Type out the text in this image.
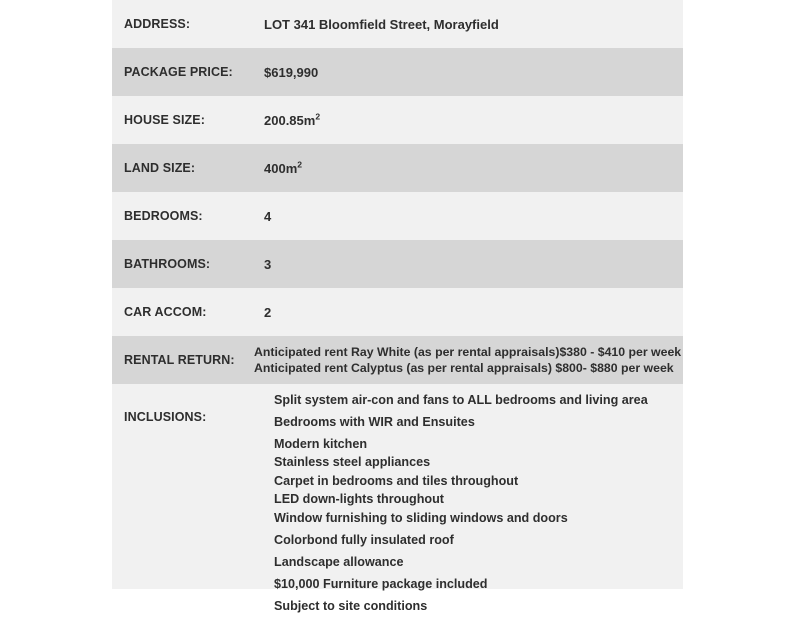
ADDRESS:	LOT 341 Bloomfield Street, Morayfield
PACKAGE PRICE:	$619,990
HOUSE SIZE:	$200.85m^2$
LAND SIZE:	$400m^2$
BEDROOMS:	4
BATHROOMS:	3
CAR ACCOM:	2
RENTAL RETURN:
Anticipated rent Ray White (as per rental appraisals)$380 - $410 per week
Anticipated rent Calyptus (as per rental appraisals) $800- $880 per week
INCLUSIONS:
Split system air-con and fans to ALL bedrooms and living area
Bedrooms with WIR and Ensuites
Modern kitchen
Stainless steel appliances
Carpet in bedrooms and tiles throughout
LED down-lights throughout
Window furnishing to sliding windows and doors
Colorbond fully insulated roof
Landscape allowance
$10,000 Furniture package included
Subject to site conditions
